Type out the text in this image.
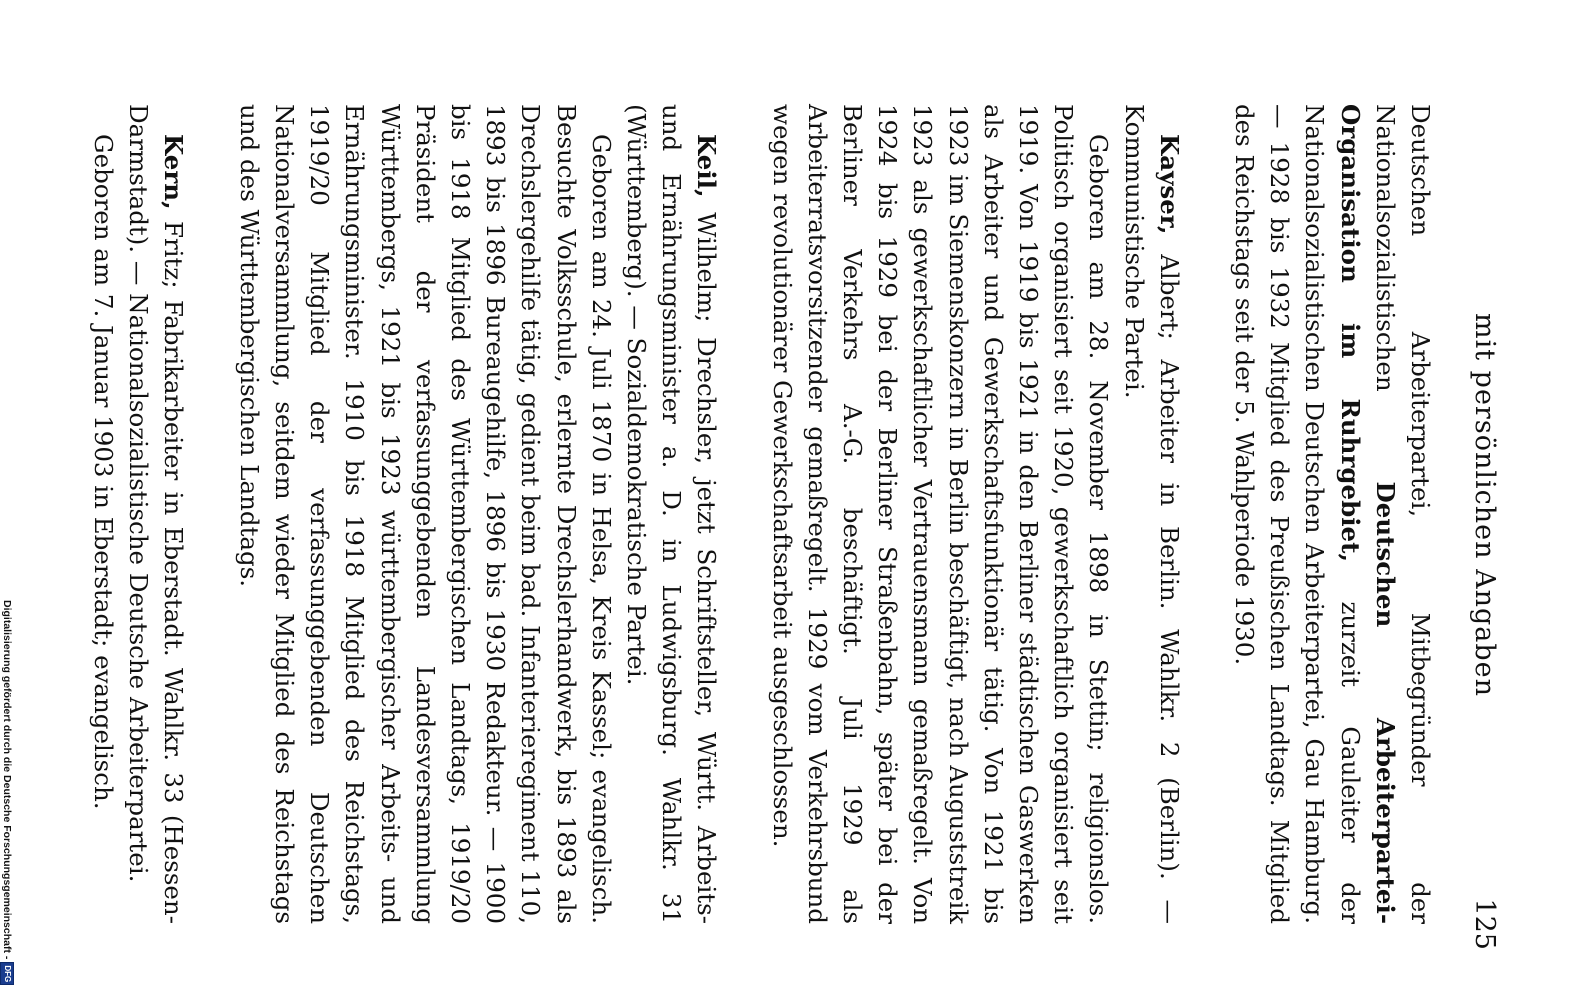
mit persönlichen Angaben
125

Deutschen Arbeiterpartei, Mitbegründer der Nationalsozialistischen Deutschen Arbeiterpartei-Organisation im Ruhrgebiet, zurzeit Gauleiter der Nationalsozialistischen Deutschen Arbeiterpartei, Gau Hamburg. — 1928 bis 1932 Mitglied des Preußischen Landtags. Mitglied des Reichstags seit der 5. Wahlperiode 1930.

Kayser, Albert; Arbeiter in Berlin. Wahlkr. 2 (Berlin). — Kommunistische Partei.

Geboren am 28. November 1898 in Stettin; religionslos. Politisch organisiert seit 1920, gewerkschaftlich organisiert seit 1919. Von 1919 bis 1921 in den Berliner städtischen Gaswerken als Arbeiter und Gewerkschaftsfunktionär tätig. Von 1921 bis 1923 im Siemenskonzern in Berlin beschäftigt, nach Auguststreik 1923 als gewerkschaftlicher Vertrauensmann gemaßregelt. Von 1924 bis 1929 bei der Berliner Straßenbahn, später bei der Berliner Verkehrs A.-G. beschäftigt. Juli 1929 als Arbeiterratsvorsitzender gemaßregelt. 1929 vom Verkehrsbund wegen revolutionärer Gewerkschaftsarbeit ausgeschlossen.

Keil, Wilhelm; Drechsler, jetzt Schriftsteller, Württ. Arbeits- und Ernährungsminister a. D. in Ludwigsburg. Wahlkr. 31 (Württemberg). — Sozialdemokratische Partei.

Geboren am 24. Juli 1870 in Helsa, Kreis Kassel; evangelisch. Besuchte Volksschule, erlernte Drechslerhandwerk, bis 1893 als Drechslergehilfe tätig, gedient beim bad. Infanterieregiment 110, 1893 bis 1896 Bureaugehilfe, 1896 bis 1930 Redakteur. — 1900 bis 1918 Mitglied des Württembergischen Landtags, 1919/20 Präsident der verfassunggebenden Landesversammlung Württembergs, 1921 bis 1923 württembergischer Arbeits- und Ernährungsminister. 1910 bis 1918 Mitglied des Reichstags, 1919/20 Mitglied der verfassunggebenden Deutschen Nationalversammlung, seitdem wieder Mitglied des Reichstags und des Württembergischen Landtags.

Kern, Fritz; Fabrikarbeiter in Eberstadt. Wahlkr. 33 (Hessen-Darmstadt). — Nationalsozialistische Deutsche Arbeiterpartei.

Geboren am 7. Januar 1903 in Eberstadt; evangelisch.

Digitalisierung gefördert durch die Deutsche Forschungsgemeinschaft -
DFG
